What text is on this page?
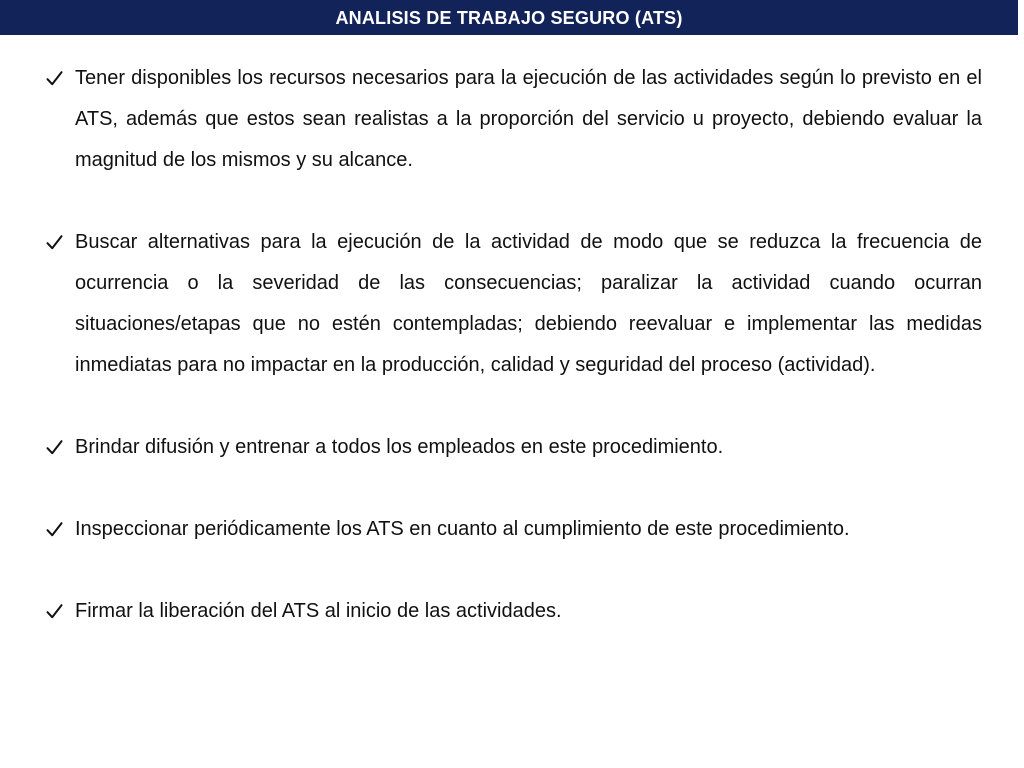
ANALISIS DE TRABAJO SEGURO (ATS)
Tener disponibles los recursos necesarios para la ejecución de las actividades según lo previsto en el ATS, además que estos sean realistas a la proporción del servicio u proyecto, debiendo evaluar la magnitud de los mismos y su alcance.
Buscar alternativas para la ejecución de la actividad de modo que se reduzca la frecuencia de ocurrencia o la severidad de las consecuencias; paralizar la actividad cuando ocurran situaciones/etapas que no estén contempladas; debiendo reevaluar e implementar las medidas inmediatas para no impactar en la producción, calidad y seguridad del proceso (actividad).
Brindar difusión y entrenar a todos los empleados en este procedimiento.
Inspeccionar periódicamente los ATS en cuanto al cumplimiento de este procedimiento.
Firmar la liberación del ATS al inicio de las actividades.
